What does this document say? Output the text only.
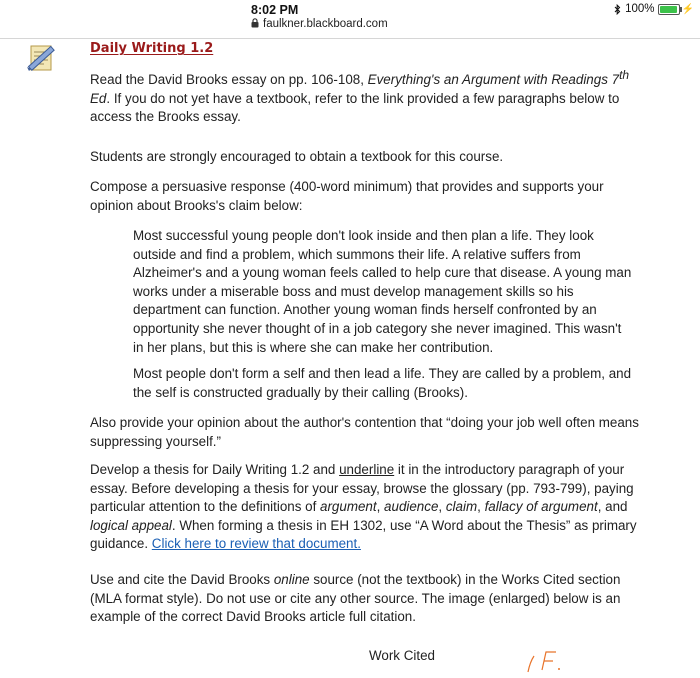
8:02 PM
faulkner.blackboard.com
100%	⚡
Daily Writing 1.2

Read the David Brooks essay on pp. 106-108, Everything's an Argument with Readings 7th Ed. If you do not yet have a textbook, refer to the link provided a few paragraphs below to access the Brooks essay.

Students are strongly encouraged to obtain a textbook for this course.

Compose a persuasive response (400-word minimum) that provides and supports your opinion about Brooks's claim below:

Most successful young people don't look inside and then plan a life. They look outside and find a problem, which summons their life. A relative suffers from Alzheimer's and a young woman feels called to help cure that disease. A young man works under a miserable boss and must develop management skills so his department can function. Another young woman finds herself confronted by an opportunity she never thought of in a job category she never imagined. This wasn't in her plans, but this is where she can make her contribution.

Most people don't form a self and then lead a life. They are called by a problem, and the self is constructed gradually by their calling (Brooks).

Also provide your opinion about the author's contention that “doing your job well often means suppressing yourself.”

Develop a thesis for Daily Writing 1.2 and underline it in the introductory paragraph of your essay. Before developing a thesis for your essay, browse the glossary (pp. 793-799), paying particular attention to the definitions of argument, audience, claim, fallacy of argument, and logical appeal. When forming a thesis in EH 1302, use “A Word about the Thesis” as primary guidance. Click here to review that document.

Use and cite the David Brooks online source (not the textbook) in the Works Cited section (MLA format style). Do not use or cite any other source. The image (enlarged) below is an example of the correct David Brooks article full citation.

Work Cited
